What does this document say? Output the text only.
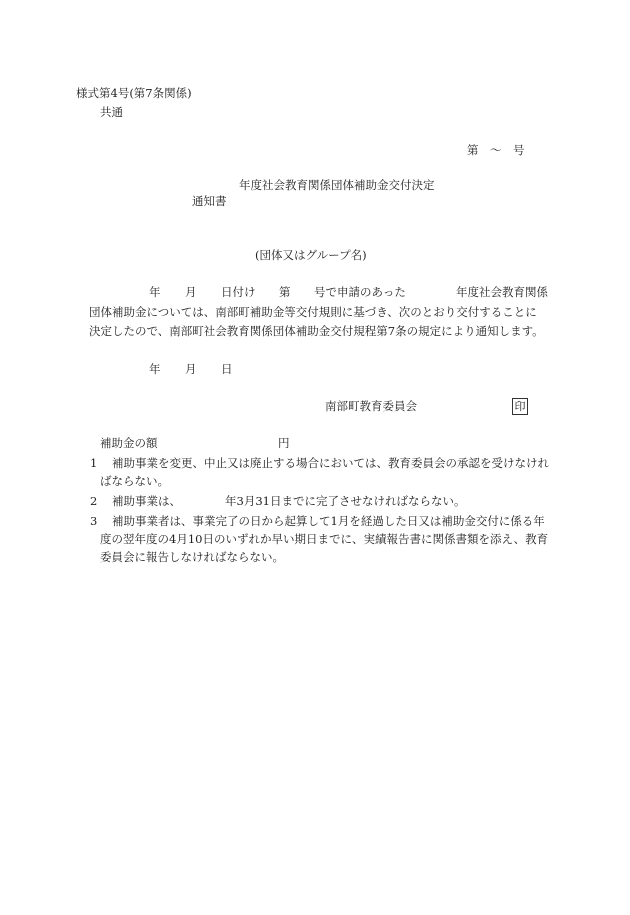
様式第4号(第7条関係)
共通
第　〜　号
年度社会教育関係団体補助金交付決定
通知書
(団体又はグループ名)
年 月 日付け 第 号で申請のあった	年度社会教育関係
団体補助金については、南部町補助金等交付規則に基づき、次のとおり交付することに
決定したので、南部町社会教育関係団体補助金交付規程第7条の規定により通知します。
年 月 日
南部町教育委員会	印
補助金の額	円
1 補助事業を変更、中止又は廃止する場合においては、教育委員会の承認を受けなけれ
ばならない。
2 補助事業は、	年3月31日までに完了させなければならない。
3 補助事業者は、事業完了の日から起算して1月を経過した日又は補助金交付に係る年
度の翌年度の4月10日のいずれか早い期日までに、実績報告書に関係書類を添え、教育
委員会に報告しなければならない。
